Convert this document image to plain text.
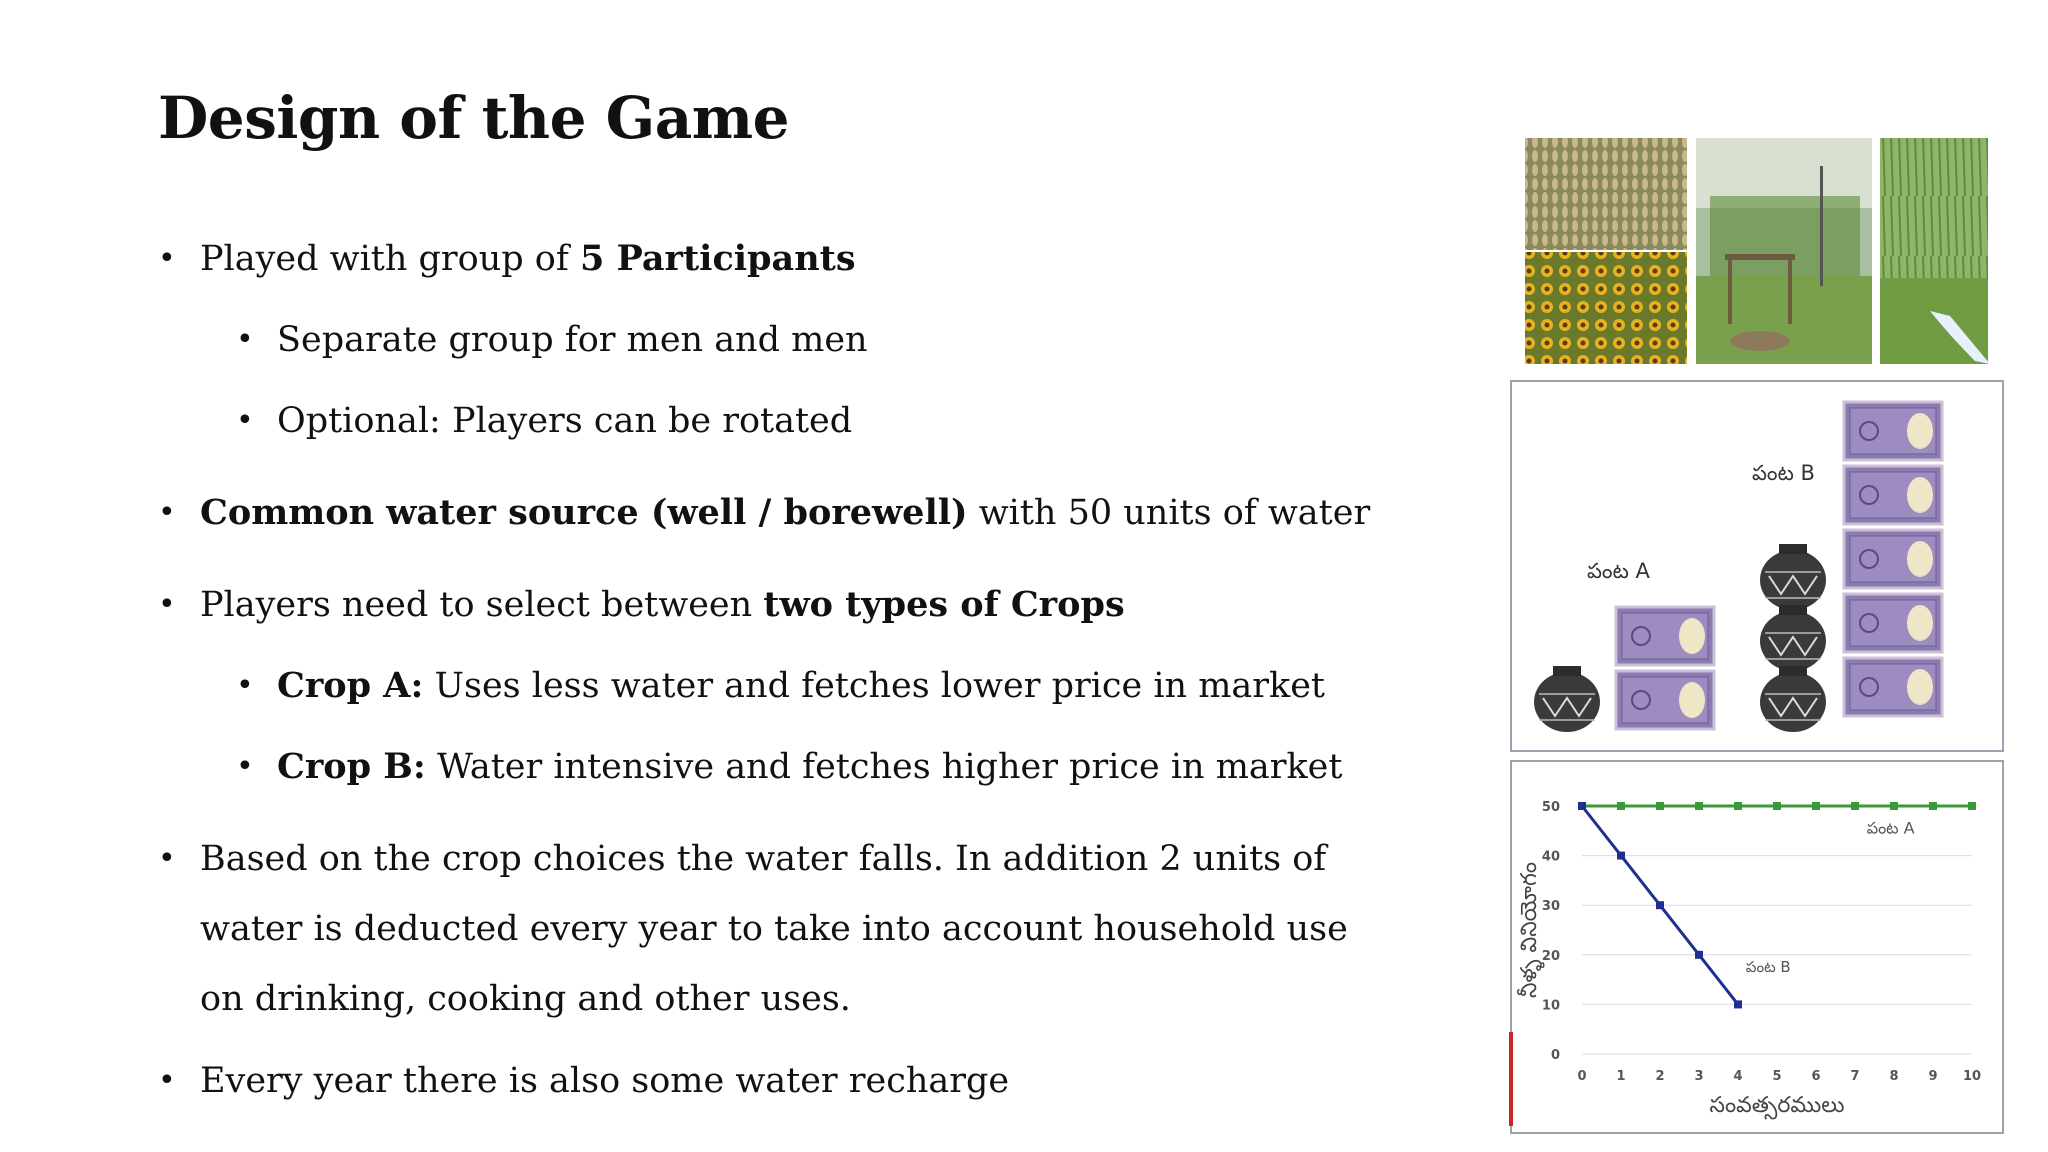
Design of the Game
• Played with group of 5 Participants
• Separate group for men and men
• Optional: Players can be rotated
• Common water source (well / borewell) with 50 units of water
• Players need to select between two types of Crops
• Crop A: Uses less water and fetches lower price in market
• Crop B: Water intensive and fetches higher price in market
• Based on the crop choices the water falls. In addition 2 units of water is deducted every year to take into account household use on drinking, cooking and other uses.
• Every year there is also some water recharge
పంట A
పంట B
0
10
20
30
40
50
0 1 2 3 4 5 6 7 8 9 10
సంవత్సరములు
నీళ్ళ వినియోగం
పంట A
పంట B
